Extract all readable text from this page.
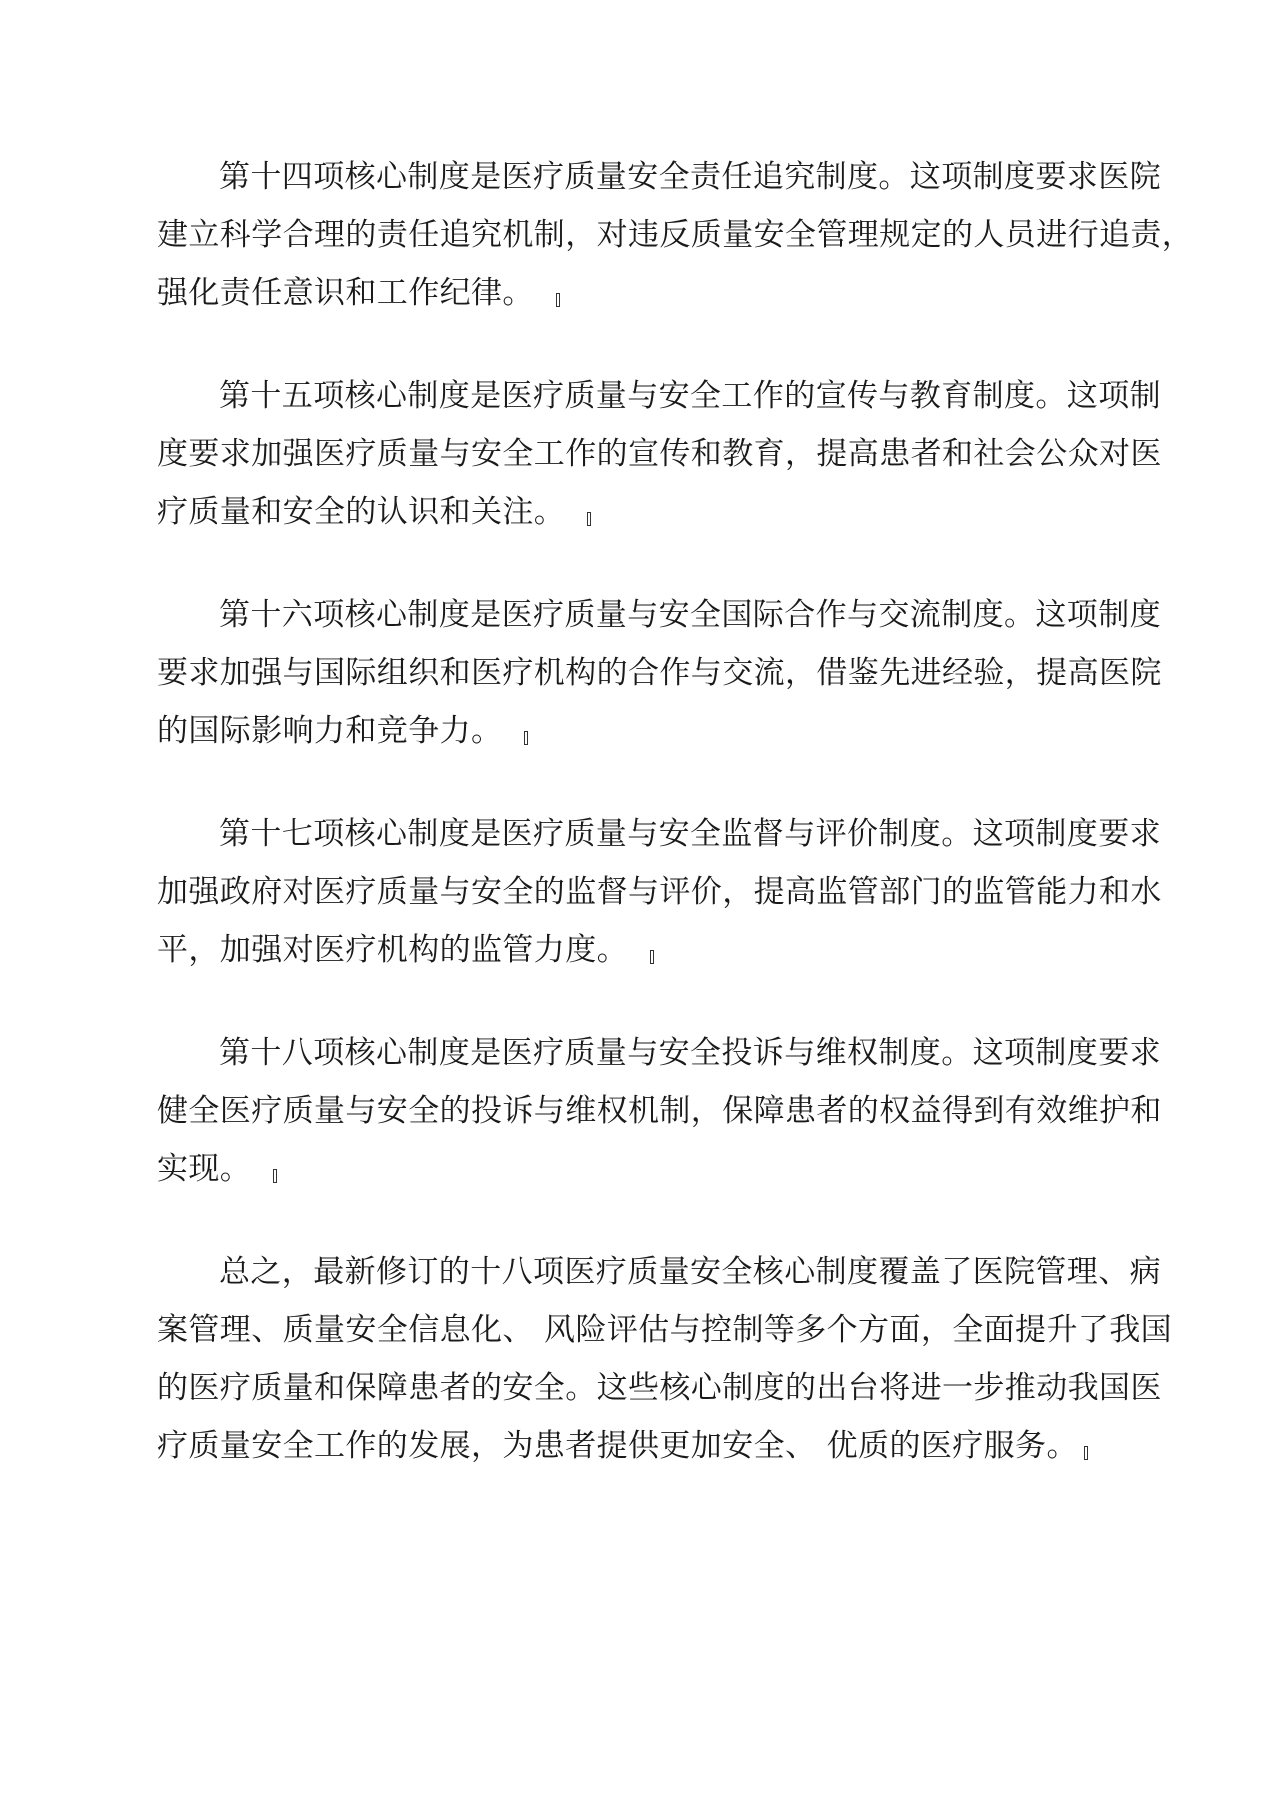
第十四项核心制度是医疗质量安全责任追究制度。这项制度要求医院
建立科学合理的责任追究机制，对违反质量安全管理规定的人员进行追责，
强化责任意识和工作纪律。

第十五项核心制度是医疗质量与安全工作的宣传与教育制度。这项制
度要求加强医疗质量与安全工作的宣传和教育，提高患者和社会公众对医
疗质量和安全的认识和关注。

第十六项核心制度是医疗质量与安全国际合作与交流制度。这项制度
要求加强与国际组织和医疗机构的合作与交流，借鉴先进经验，提高医院
的国际影响力和竞争力。

第十七项核心制度是医疗质量与安全监督与评价制度。这项制度要求
加强政府对医疗质量与安全的监督与评价，提高监管部门的监管能力和水
平，加强对医疗机构的监管力度。

第十八项核心制度是医疗质量与安全投诉与维权制度。这项制度要求
健全医疗质量与安全的投诉与维权机制，保障患者的权益得到有效维护和
实现。

总之，最新修订的十八项医疗质量安全核心制度覆盖了医院管理、病
案管理、质量安全信息化、 风险评估与控制等多个方面，全面提升了我国
的医疗质量和保障患者的安全。这些核心制度的出台将进一步推动我国医
疗质量安全工作的发展，为患者提供更加安全、 优质的医疗服务。
